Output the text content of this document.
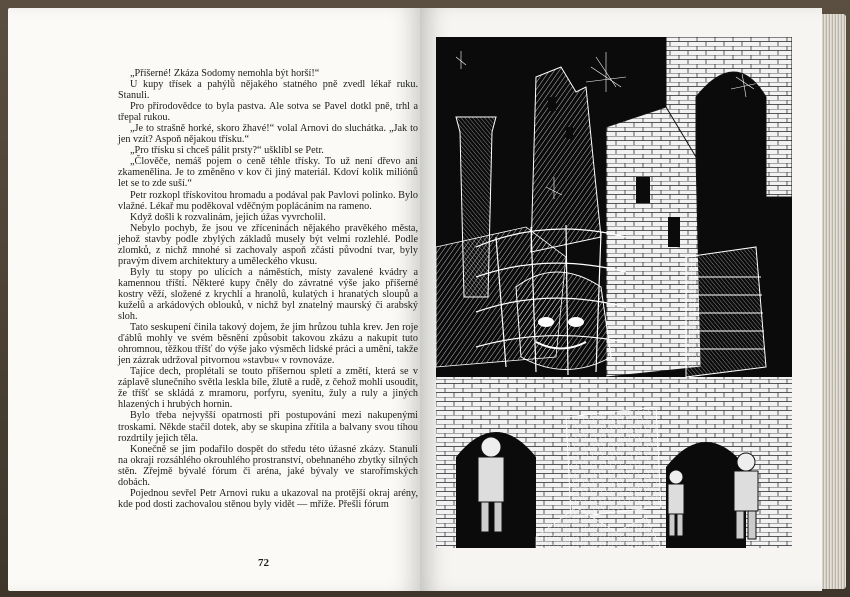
„Příšerné! Zkáza Sodomy nemohla být horší!“

U kupy třísek a pahýlů nějakého statného pně zvedl lékař ruku. Stanuli.

Pro přírodovědce to byla pastva. Ale sotva se Pavel dotkl pně, trhl a třepal rukou.

„Je to strašně horké, skoro žhavé!“ volal Arnovi do sluchátka. „Jak to jen vzít? Aspoň nějakou třísku.“

„Pro třísku si chceš pálit prsty?“ ušklíbl se Petr.

„Člověče, nemáš pojem o ceně téhle třísky. To už není dřevo ani zkamenělina. Je to změněno v kov či jiný materiál. Kdoví kolik miliónů let se to zde suší.“

Petr rozkopl třískovitou hromadu a podával pak Pavlovi polínko. Bylo vlažné. Lékař mu poděkoval vděčným poplácáním na rameno.

Když došli k rozvalinám, jejich úžas vyvrcholil.

Nebylo pochyb, že jsou ve zříceninách nějakého pravěkého města, jehož stavby podle zbylých základů musely být velmi rozlehlé. Podle zlomků, z nichž mnohé si zachovaly aspoň zčásti původní tvar, byly pravým divem architektury a uměleckého vkusu.

Byly tu stopy po ulicích a náměstích, místy zavalené kvádry a kamennou tříští. Některé kupy čněly do závratné výše jako příšerné kostry věží, složené z krychlí a hranolů, kulatých i hranatých sloupů a kuželů a arkádových oblouků, v nichž byl znatelný maurský či arabský sloh.

Tato seskupení činila takový dojem, že jim hrůzou tuhla krev. Jen roje ďáblů mohly ve svém běsnění způsobit takovou zkázu a nakupit tuto ohromnou, těžkou tříšť do výše jako výsměch lidské práci a umění, takže jen zázrak udržoval pitvornou »stavbu« v rovnováze.

Tajíce dech, proplétali se touto příšernou spletí a změtí, která se v záplavě slunečního světla leskla bíle, žlutě a rudě, z čehož mohli usoudit, že tříšť se skládá z mramoru, porfyru, syenitu, žuly a ruly a jiných hlazených i hrubých hornin.

Bylo třeba nejvyšší opatrnosti při postupování mezi nakupenými troskami. Někde stačil dotek, aby se skupina zřítila a balvany svou tíhou rozdrtily jejich těla.

Konečně se jim podařilo dospět do středu této úžasné zkázy. Stanuli na okraji rozsáhlého okrouhlého prostranství, obehnaného zbytky silných stěn. Zřejmě bývalé fórum či aréna, jaké bývaly ve starořímských dobách.

Pojednou sevřel Petr Arnovi ruku a ukazoval na protější okraj arény, kde pod dosti zachovalou stěnou byly vidět — mříže. Přešli fórum

72
